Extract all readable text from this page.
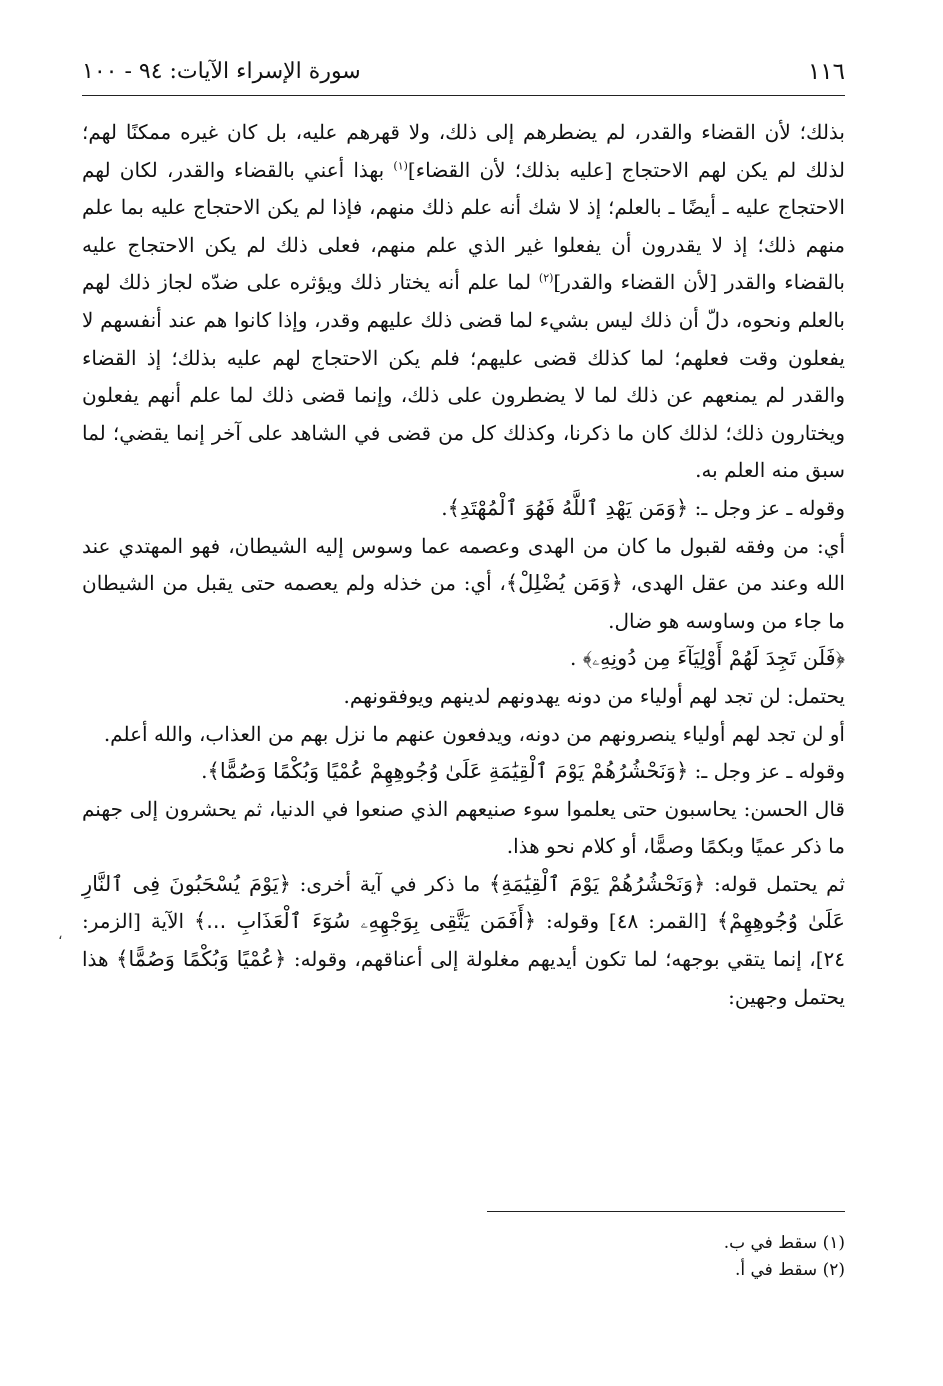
١١٦
سورة الإسراء الآيات: ٩٤ - ١٠٠

بذلك؛ لأن القضاء والقدر، لم يضطرهم إلى ذلك، ولا قهرهم عليه، بل كان غيره ممكنًا لهم؛ لذلك لم يكن لهم الاحتجاج [عليه بذلك؛ لأن القضاء]$^{(١)}$ بهذا أعني بالقضاء والقدر، لكان لهم الاحتجاج عليه ـ أيضًا ـ بالعلم؛ إذ لا شك أنه علم ذلك منهم، فإذا لم يكن الاحتجاج عليه بما علم منهم ذلك؛ إذ لا يقدرون أن يفعلوا غير الذي علم منهم، فعلى ذلك لم يكن الاحتجاج عليه بالقضاء والقدر [لأن القضاء والقدر]$^{(٢)}$ لما علم أنه يختار ذلك ويؤثره على ضدّه لجاز ذلك لهم بالعلم ونحوه، دلّ أن ذلك ليس بشيء لما قضى ذلك عليهم وقدر، وإذا كانوا هم عند أنفسهم لا يفعلون وقت فعلهم؛ لما كذلك قضى عليهم؛ فلم يكن الاحتجاج لهم عليه بذلك؛ إذ القضاء والقدر لم يمنعهم عن ذلك لما لا يضطرون على ذلك، وإنما قضى ذلك لما علم أنهم يفعلون ويختارون ذلك؛ لذلك كان ما ذكرنا، وكذلك كل من قضى في الشاهد على آخر إنما يقضي؛ لما سبق منه العلم به.

وقوله ـ عز وجل ـ: ﴿وَمَن يَهْدِ ٱللَّهُ فَهُوَ ٱلْمُهْتَدِ﴾.

أي: من وفقه لقبول ما كان من الهدى وعصمه عما وسوس إليه الشيطان، فهو المهتدي عند الله وعند من عقل الهدى، ﴿وَمَن يُضْلِلْ﴾، أي: من خذله ولم يعصمه حتى يقبل من الشيطان ما جاء من وساوسه هو ضال.

﴿فَلَن تَجِدَ لَهُمْ أَوْلِيَآءَ مِن دُونِهِۦ﴾ .

يحتمل: لن تجد لهم أولياء من دونه يهدونهم لدينهم ويوفقونهم.

أو لن تجد لهم أولياء ينصرونهم من دونه، ويدفعون عنهم ما نزل بهم من العذاب، والله أعلم.

وقوله ـ عز وجل ـ: ﴿وَنَحْشُرُهُمْ يَوْمَ ٱلْقِيَٰمَةِ عَلَىٰ وُجُوهِهِمْ عُمْيًا وَبُكْمًا وَصُمًّا﴾.

قال الحسن: يحاسبون حتى يعلموا سوء صنيعهم الذي صنعوا في الدنيا، ثم يحشرون إلى جهنم ما ذكر عميًا وبكمًا وصمًّا، أو كلام نحو هذا.

ثم يحتمل قوله: ﴿وَنَحْشُرُهُمْ يَوْمَ ٱلْقِيَٰمَةِ﴾ ما ذكر في آية أخرى: ﴿يَوْمَ يُسْحَبُونَ فِى ٱلنَّارِ عَلَىٰ وُجُوهِهِمْ﴾ [القمر: ٤٨] وقوله: ﴿أَفَمَن يَتَّقِى بِوَجْهِهِۦ سُوٓءَ ٱلْعَذَابِ ...﴾ الآية [الزمر: ٢٤]، إنما يتقي بوجهه؛ لما تكون أيديهم مغلولة إلى أعناقهم، وقوله: ﴿عُمْيًا وَبُكْمًا وَصُمًّا﴾ هذا يحتمل وجهين:

(١) سقط في ب.

(٢) سقط في أ.

،
